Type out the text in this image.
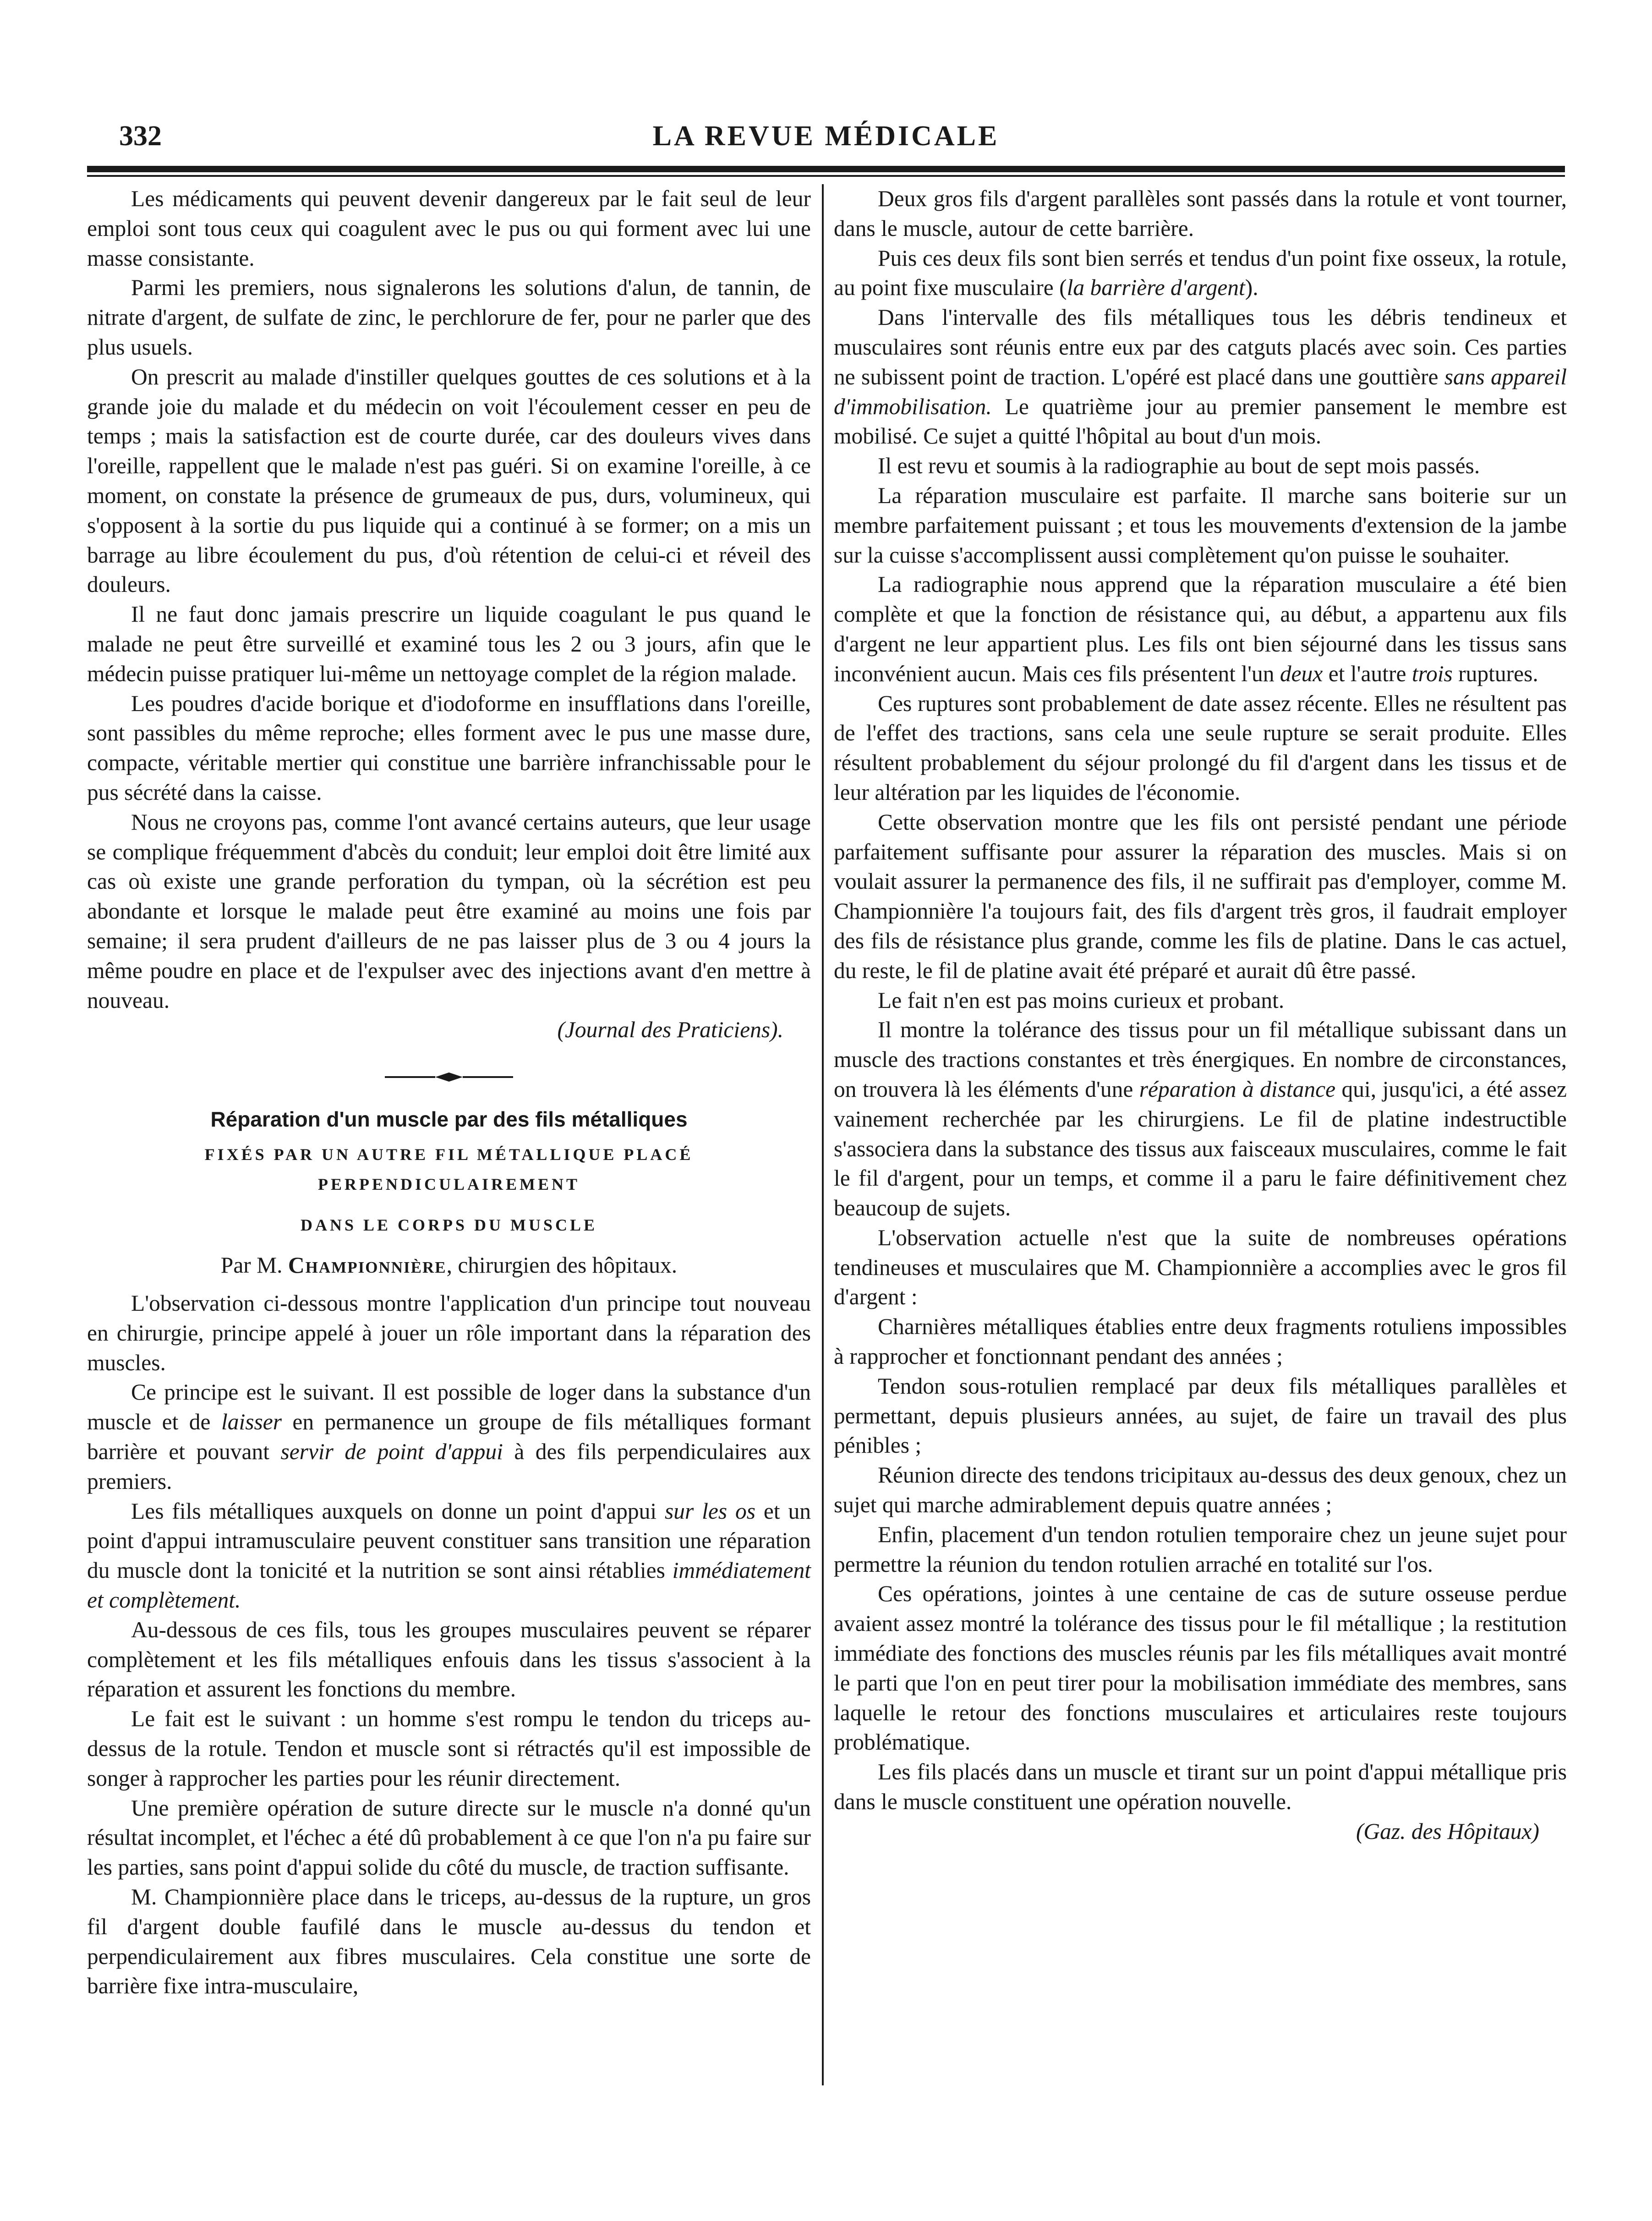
332	LA REVUE MÉDICALE

Les médicaments qui peuvent devenir dangereux par le fait seul de leur emploi sont tous ceux qui coagulent avec le pus ou qui forment avec lui une masse consistante.

Parmi les premiers, nous signalerons les solutions d'alun, de tannin, de nitrate d'argent, de sulfate de zinc, le perchlorure de fer, pour ne parler que des plus usuels.

On prescrit au malade d'instiller quelques gouttes de ces solutions et à la grande joie du malade et du médecin on voit l'écoulement cesser en peu de temps ; mais la satisfaction est de courte durée, car des douleurs vives dans l'oreille, rappellent que le malade n'est pas guéri. Si on examine l'oreille, à ce moment, on constate la présence de grumeaux de pus, durs, volumineux, qui s'opposent à la sortie du pus liquide qui a continué à se former; on a mis un barrage au libre écoulement du pus, d'où rétention de celui-ci et réveil des douleurs.

Il ne faut donc jamais prescrire un liquide coagulant le pus quand le malade ne peut être surveillé et examiné tous les 2 ou 3 jours, afin que le médecin puisse pratiquer lui-même un nettoyage complet de la région malade.

Les poudres d'acide borique et d'iodoforme en insufflations dans l'oreille, sont passibles du même reproche; elles forment avec le pus une masse dure, compacte, véritable mertier qui constitue une barrière infranchissable pour le pus sécrété dans la caisse.

Nous ne croyons pas, comme l'ont avancé certains auteurs, que leur usage se complique fréquemment d'abcès du conduit; leur emploi doit être limité aux cas où existe une grande perforation du tympan, où la sécrétion est peu abondante et lorsque le malade peut être examiné au moins une fois par semaine; il sera prudent d'ailleurs de ne pas laisser plus de 3 ou 4 jours la même poudre en place et de l'expulser avec des injections avant d'en mettre à nouveau.

(Journal des Praticiens).

Réparation d'un muscle par des fils métalliques
FIXÉS PAR UN AUTRE FIL MÉTALLIQUE PLACÉ PERPENDICULAIREMENT
DANS LE CORPS DU MUSCLE

Par M. Championnière, chirurgien des hôpitaux.

L'observation ci-dessous montre l'application d'un principe tout nouveau en chirurgie, principe appelé à jouer un rôle important dans la réparation des muscles.

Ce principe est le suivant. Il est possible de loger dans la substance d'un muscle et de laisser en permanence un groupe de fils métalliques formant barrière et pouvant servir de point d'appui à des fils perpendiculaires aux premiers.

Les fils métalliques auxquels on donne un point d'appui sur les os et un point d'appui intramusculaire peuvent constituer sans transition une réparation du muscle dont la tonicité et la nutrition se sont ainsi rétablies immédiatement et complètement.

Au-dessous de ces fils, tous les groupes musculaires peuvent se réparer complètement et les fils métalliques enfouis dans les tissus s'associent à la réparation et assurent les fonctions du membre.

Le fait est le suivant : un homme s'est rompu le tendon du triceps au-dessus de la rotule. Tendon et muscle sont si rétractés qu'il est impossible de songer à rapprocher les parties pour les réunir directement.

Une première opération de suture directe sur le muscle n'a donné qu'un résultat incomplet, et l'échec a été dû probablement à ce que l'on n'a pu faire sur les parties, sans point d'appui solide du côté du muscle, de traction suffisante.

M. Championnière place dans le triceps, au-dessus de la rupture, un gros fil d'argent double faufilé dans le muscle au-dessus du tendon et perpendiculairement aux fibres musculaires. Cela constitue une sorte de barrière fixe intra-musculaire,

Deux gros fils d'argent parallèles sont passés dans la rotule et vont tourner, dans le muscle, autour de cette barrière.

Puis ces deux fils sont bien serrés et tendus d'un point fixe osseux, la rotule, au point fixe musculaire (la barrière d'argent).

Dans l'intervalle des fils métalliques tous les débris tendineux et musculaires sont réunis entre eux par des catguts placés avec soin. Ces parties ne subissent point de traction. L'opéré est placé dans une gouttière sans appareil d'immobilisation. Le quatrième jour au premier pansement le membre est mobilisé. Ce sujet a quitté l'hôpital au bout d'un mois.

Il est revu et soumis à la radiographie au bout de sept mois passés.

La réparation musculaire est parfaite. Il marche sans boiterie sur un membre parfaitement puissant ; et tous les mouvements d'extension de la jambe sur la cuisse s'accomplissent aussi complètement qu'on puisse le souhaiter.

La radiographie nous apprend que la réparation musculaire a été bien complète et que la fonction de résistance qui, au début, a appartenu aux fils d'argent ne leur appartient plus. Les fils ont bien séjourné dans les tissus sans inconvénient aucun. Mais ces fils présentent l'un deux et l'autre trois ruptures.

Ces ruptures sont probablement de date assez récente. Elles ne résultent pas de l'effet des tractions, sans cela une seule rupture se serait produite. Elles résultent probablement du séjour prolongé du fil d'argent dans les tissus et de leur altération par les liquides de l'économie.

Cette observation montre que les fils ont persisté pendant une période parfaitement suffisante pour assurer la réparation des muscles. Mais si on voulait assurer la permanence des fils, il ne suffirait pas d'employer, comme M. Championnière l'a toujours fait, des fils d'argent très gros, il faudrait employer des fils de résistance plus grande, comme les fils de platine. Dans le cas actuel, du reste, le fil de platine avait été préparé et aurait dû être passé.

Le fait n'en est pas moins curieux et probant.

Il montre la tolérance des tissus pour un fil métallique subissant dans un muscle des tractions constantes et très énergiques. En nombre de circonstances, on trouvera là les éléments d'une réparation à distance qui, jusqu'ici, a été assez vainement recherchée par les chirurgiens. Le fil de platine indestructible s'associera dans la substance des tissus aux faisceaux musculaires, comme le fait le fil d'argent, pour un temps, et comme il a paru le faire définitivement chez beaucoup de sujets.

L'observation actuelle n'est que la suite de nombreuses opérations tendineuses et musculaires que M. Championnière a accomplies avec le gros fil d'argent :

Charnières métalliques établies entre deux fragments rotuliens impossibles à rapprocher et fonctionnant pendant des années ;

Tendon sous-rotulien remplacé par deux fils métalliques parallèles et permettant, depuis plusieurs années, au sujet, de faire un travail des plus pénibles ;

Réunion directe des tendons tricipitaux au-dessus des deux genoux, chez un sujet qui marche admirablement depuis quatre années ;

Enfin, placement d'un tendon rotulien temporaire chez un jeune sujet pour permettre la réunion du tendon rotulien arraché en totalité sur l'os.

Ces opérations, jointes à une centaine de cas de suture osseuse perdue avaient assez montré la tolérance des tissus pour le fil métallique ; la restitution immédiate des fonctions des muscles réunis par les fils métalliques avait montré le parti que l'on en peut tirer pour la mobilisation immédiate des membres, sans laquelle le retour des fonctions musculaires et articulaires reste toujours problématique.

Les fils placés dans un muscle et tirant sur un point d'appui métallique pris dans le muscle constituent une opération nouvelle.

(Gaz. des Hôpitaux)
